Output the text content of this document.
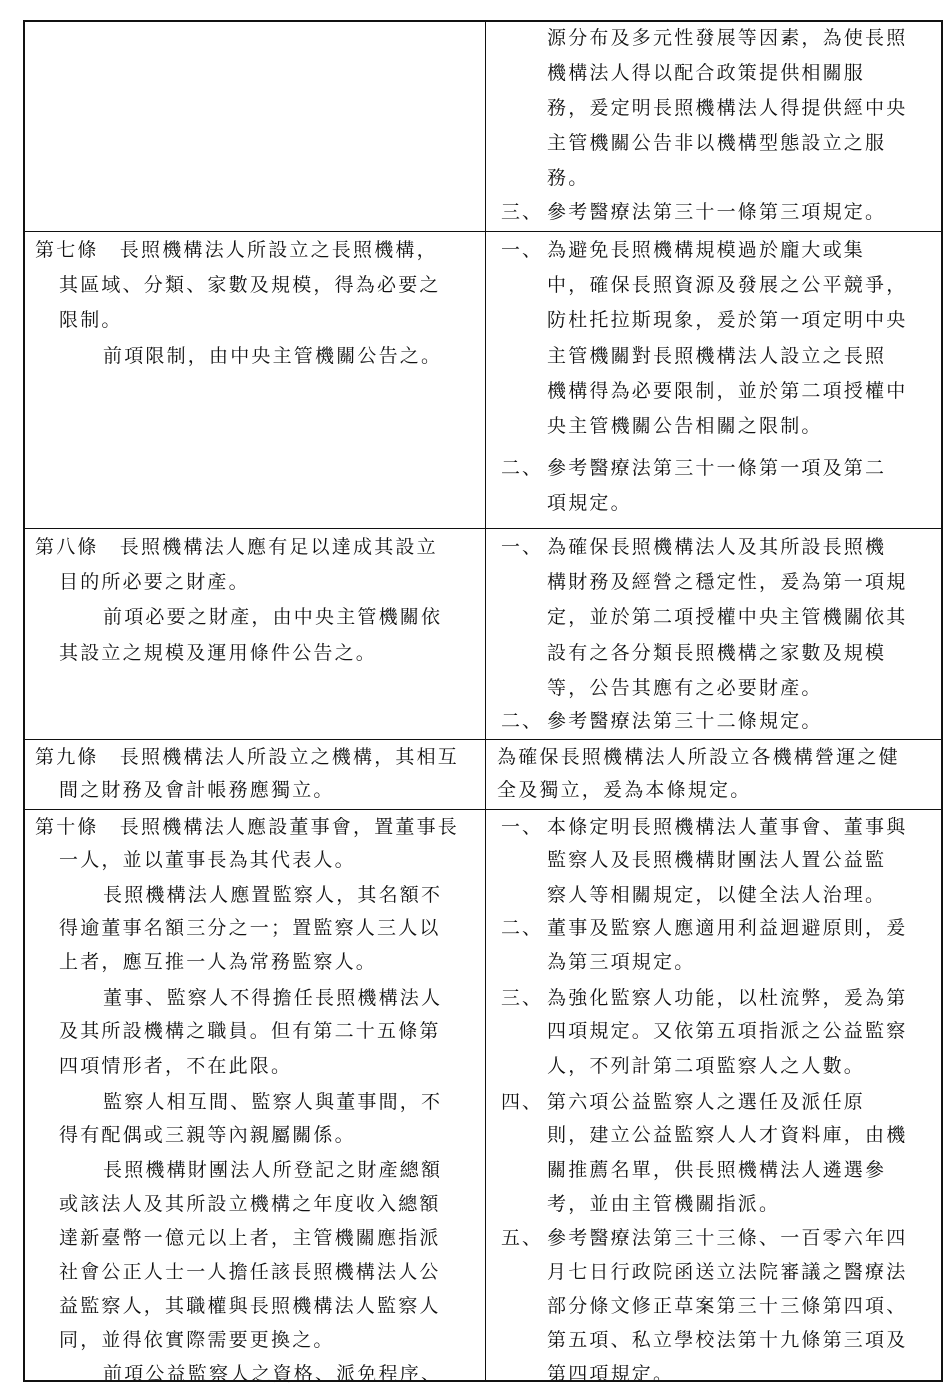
源分布及多元性發展等因素，為使長照
機構法人得以配合政策提供相關服
務，爰定明長照機構法人得提供經中央
主管機關公告非以機構型態設立之服
務。
三、 參考醫療法第三十一條第三項規定。
第七條　長照機構法人所設立之長照機構，
其區域、分類、家數及規模，得為必要之
限制。
前項限制，由中央主管機關公告之。
一、 為避免長照機構規模過於龐大或集
中，確保長照資源及發展之公平競爭，
防杜托拉斯現象，爰於第一項定明中央
主管機關對長照機構法人設立之長照
機構得為必要限制，並於第二項授權中
央主管機關公告相關之限制。
二、 參考醫療法第三十一條第一項及第二
項規定。
第八條　長照機構法人應有足以達成其設立
目的所必要之財產。
前項必要之財產，由中央主管機關依
其設立之規模及運用條件公告之。
一、 為確保長照機構法人及其所設長照機
構財務及經營之穩定性，爰為第一項規
定，並於第二項授權中央主管機關依其
設有之各分類長照機構之家數及規模
等，公告其應有之必要財產。
二、 參考醫療法第三十二條規定。
第九條　長照機構法人所設立之機構，其相互
間之財務及會計帳務應獨立。
為確保長照機構法人所設立各機構營運之健
全及獨立，爰為本條規定。
第十條　長照機構法人應設董事會，置董事長
一人，並以董事長為其代表人。
長照機構法人應置監察人，其名額不
得逾董事名額三分之一；置監察人三人以
上者，應互推一人為常務監察人。
董事、監察人不得擔任長照機構法人
及其所設機構之職員。但有第二十五條第
四項情形者，不在此限。
監察人相互間、監察人與董事間，不
得有配偶或三親等內親屬關係。
長照機構財團法人所登記之財產總額
或該法人及其所設立機構之年度收入總額
達新臺幣一億元以上者，主管機關應指派
社會公正人士一人擔任該長照機構法人公
益監察人，其職權與長照機構法人監察人
同，並得依實際需要更換之。
前項公益監察人之資格、派免程序、
一、 本條定明長照機構法人董事會、董事與
監察人及長照機構財團法人置公益監
察人等相關規定，以健全法人治理。
二、 董事及監察人應適用利益迴避原則，爰
為第三項規定。
三、 為強化監察人功能，以杜流弊，爰為第
四項規定。又依第五項指派之公益監察
人，不列計第二項監察人之人數。
四、 第六項公益監察人之選任及派任原
則，建立公益監察人人才資料庫，由機
關推薦名單，供長照機構法人遴選參
考，並由主管機關指派。
五、 參考醫療法第三十三條、一百零六年四
月七日行政院函送立法院審議之醫療法
部分條文修正草案第三十三條第四項、
第五項、私立學校法第十九條第三項及
第四項規定。
